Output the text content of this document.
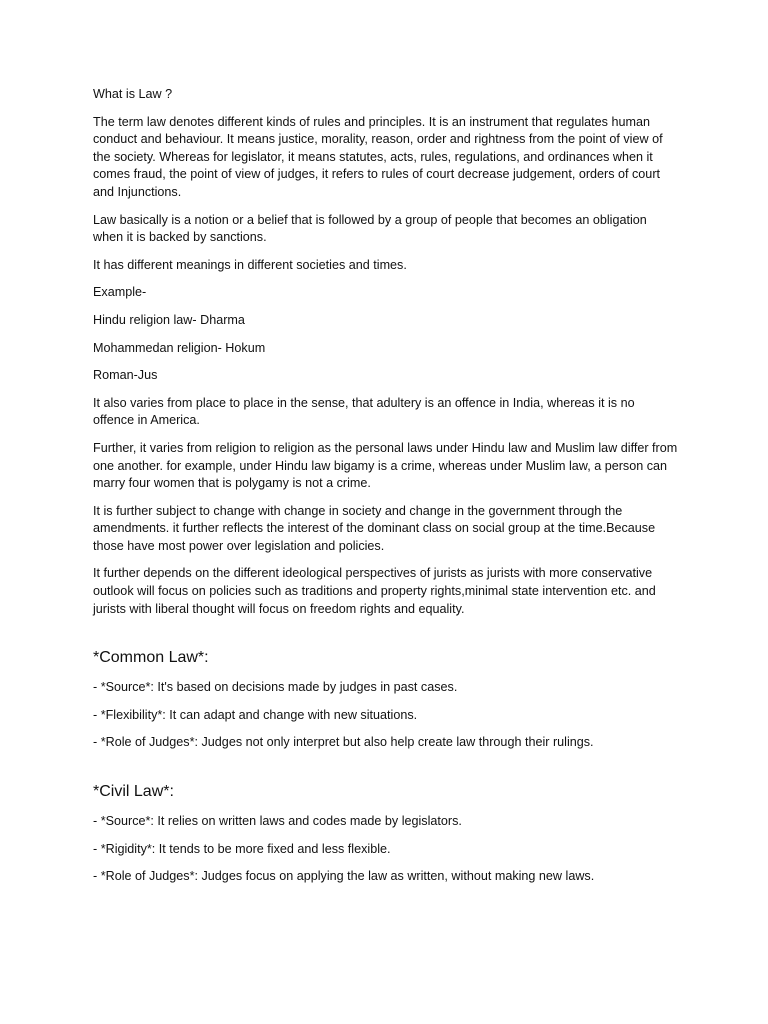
What is Law ?

The term law denotes different kinds of rules and principles. It is an instrument that regulates human conduct and behaviour. It means justice, morality, reason, order and rightness from the point of view of the society. Whereas for legislator, it means statutes, acts, rules, regulations, and ordinances when it comes fraud, the point of view of judges, it refers to rules of court decrease judgement, orders of court and Injunctions.

Law basically is a notion or a belief that is followed by a group of people that becomes an obligation when it is backed by sanctions.

It has different meanings in different societies and times.

Example-

Hindu religion law- Dharma

Mohammedan religion- Hokum

Roman-Jus

It also varies from place to place in the sense, that adultery is an offence in India, whereas it is no offence in America.

Further, it varies from religion to religion as the personal laws under Hindu law and Muslim law differ from one another. for example, under Hindu law bigamy is a crime, whereas under Muslim law, a person can marry four women that is polygamy is not a crime.

It is further subject to change with change in society and change in the government through the amendments. it further reflects the interest of the dominant class on social group at the time.Because those have most power over legislation and policies.

It further depends on the different ideological perspectives of jurists as jurists with more conservative outlook will focus on policies such as traditions and property rights,minimal state intervention etc. and jurists with liberal thought will focus on freedom rights and equality.

*Common Law*:

- *Source*: It's based on decisions made by judges in past cases.

- *Flexibility*: It can adapt and change with new situations.

- *Role of Judges*: Judges not only interpret but also help create law through their rulings.

*Civil Law*:

- *Source*: It relies on written laws and codes made by legislators.

- *Rigidity*: It tends to be more fixed and less flexible.

- *Role of Judges*: Judges focus on applying the law as written, without making new laws.
